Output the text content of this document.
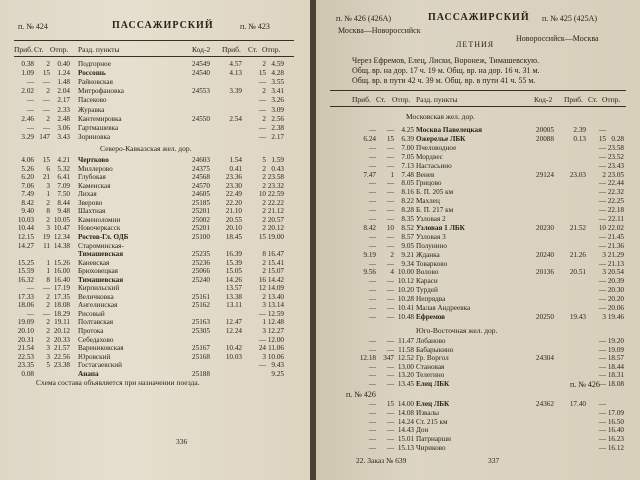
п. № 424	ПАССАЖИРСКИЙ	п. № 423
Приб. Ст. Отпр. Разд. пункты	Код-2 Приб. Ст. Отпр.
0.38	2	0.40 Подгорное	24549	4.57	2 4.59
1.09	15	1.24 Россошь	24540	4.13	15 4.28
—	—	1.48 Райновская	— 3.55
2.02	2	2.04 Митрофановка	24553	3.39	2 3.41
—	—	2.17 Пасеково	— 3.26
—	—	2.33 Журавка	— 3.09
2.46	2	2.48 Кантемировка	24550	2.54	2 2.56
—	—	3.06 Гартмашевка	— 2.38
3.29 147	3.43 Зориновка	— 2.17
Северо-Кавказская жел. дор.
4.06	15	4.21 Чертково	24603	1.54	5 1.59
5.26	6	5.32 Миллерово	24375	0.41	2 0.43
6.20	21	6.41 Глубокая	24568	23.36	2 23.58
7.06	3	7.09 Каменская	24570	23.30	2 23.32
7.49	1	7.50 Лихая	24605	22.49	10 22.59
8.42	2	8.44 Зверово	25185	22.20	2 22.22
9.40	8	9.48 Шахтная	25201	21.10	2 21.12
10.03	2 10.05 Каменоломни	25002	20.55	2 20.57
10.44	3 10.47 Новочеркасск	25201	20.10	2 20.12
12.15	19 12.34 Ростов-Гл. ОДБ	25100	18.45	15 19.00
14.27	11 14.38 Староминская-
Тимашевская	25235	16.39	8 16.47
15.25	1 15.26 Каневская	25236	15.39	2 15.41
15.59	1 16.00 Брюховецкая	25066	15.05	2 15.07
16.32	8 16.40 Тимашевская	25240	14.26	16 14.42
—	— 17.19 Кирпильский	13.57	12 14.09
17.33	2 17.35 Величковка	25161	13.38	2 13.40
18.06	2 18.08 Ангелинская	25162	13.11	3 13.14
—	— 18.29 Рисовый	— 12.59
19.09	2 19.11 Полтавская	25163	12.47	1 12.48
20.10	2 20.12 Протока	25305	12.24	3 12.27
20.31	2 20.33 Себедахово	— 12.00
21.54	3 21.57 Варениковская	25167	10.42	24 11.06
22.53	3 22.56 Юровский	25168	10.03	3 10.06
23.35	5 23.38 Гостагаевский	— 9.43
0.08	Анапа	25188	9.25
Схема состава объявляется при назначении поезда.
336
п. № 426 (426А)	ПАССАЖИРСКИЙ п. № 425 (425А)
Москва—Новороссийск
Новороссийск—Москва
ЛЕТНИЯ
Через Ефремов, Елец, Лиски, Воронеж, Тимашевскую.
Общ. вр. на дор. 17 ч. 19 м. Общ. вр. на дор. 16 ч. 31 м.
Общ. вр. в пути 42 ч. 39 м. Общ. вр. в пути 41 ч. 55 м.
Приб. Ст. Отпр. Разд. пункты	Код-2 Приб. Ст. Отпр.
Московская жел. дор.
—	—	4.25 Москва Павелецкая	20005	2.39	—
6.24	15	6.39 Ожерелье ЛБК	20088	0.13	15 0.28
—	—	7.00 Пчеловодное	— 23.58
—	—	7.05 Мордвес	— 23.52
—	—	7.13 Настасьино	— 23.43
7.47	1	7.48 Венев	29124	23.03	2 23.05
—	—	8.05 Грицово	— 22.44
—	—	8.16 Б. П. 205 км	— 22.32
—	—	8.22 Махлец	— 22.25
—	—	8.28 Б. П. 217 км	— 22.18
—	—	8.35 Узловая 2	— 22.11
8.42	10	8.52 Узловая 1 ЛБК	20230	21.52	10 22.02
—	—	8.57 Узловая 3	— 21.45
—	—	9.05 Полунино	— 21.36
9.19	2	9.21 Жданка	20240	21.26	3 21.29
—	—	9.34 Товарково	— 21.13
9.56	4 10.00 Волово	20136	20.51	3 20.54
—	— 10.12 Караси	— 20.39
—	— 10.20 Турдей	— 20.30
—	— 10.28 Непрядва	— 20.20
—	— 10.41 Малая Андреевка	— 20.06
—	— 10.48 Ефремов	20250	19.43	3 19.46
Юго-Восточная жел. дор.
—	— 11.47 Лобаново	— 19.20
—	— 11.58 Бабарыкино	— 19.09
12.18	347 12.52 Гр. Воргол	24304	— 18.57
—	— 13.00 Становая	— 18.44
—	— 13.20 Телегино	— 18.31
—	— 13.45 Елец ЛБК	— 18.08
п. № 426
п. № 426
—	15 14.00 Елец ЛБК	24362	17.40	—
—	— 14.08 Извалы	— 17.09
—	— 14.24 Ст. 215 км	— 16.50
—	— 14.43 Дон	— 16.40
—	— 15.01 Патриарши	— 16.23
—	— 15.13 Чириково	— 16.12
22. Заказ № 639	337
